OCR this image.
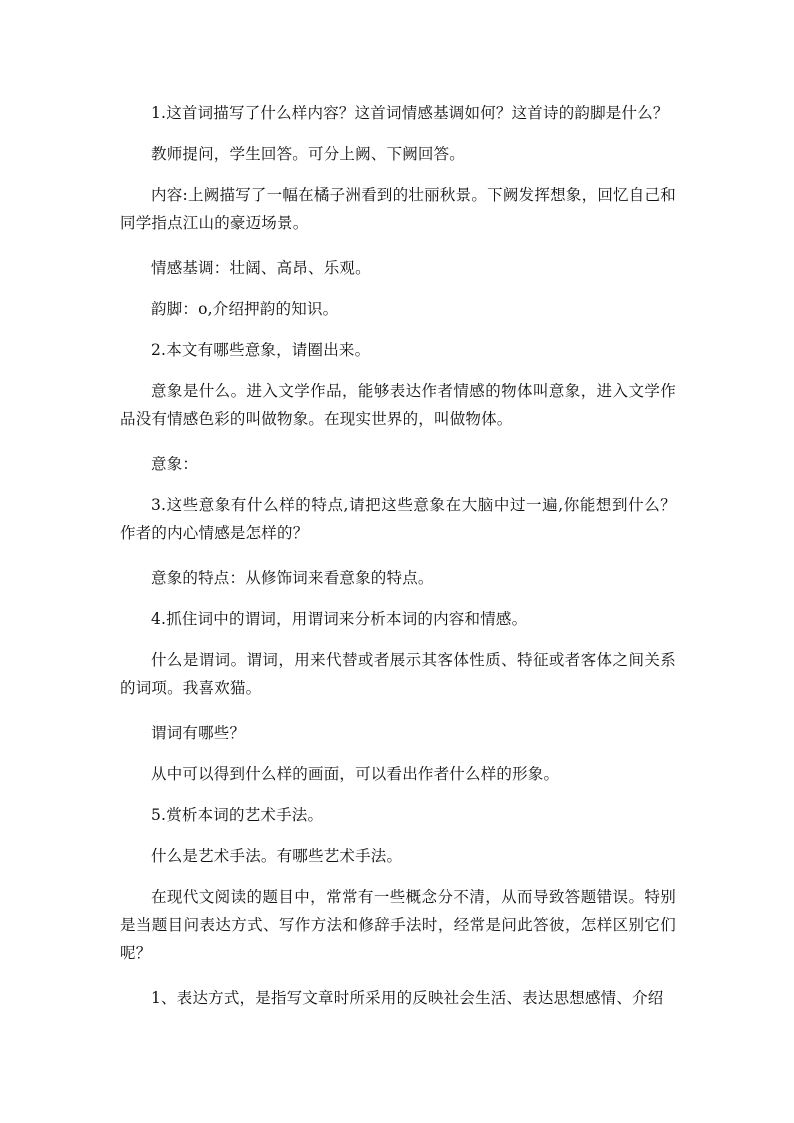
1.这首词描写了什么样内容？这首词情感基调如何？这首诗的韵脚是什么？

教师提问，学生回答。可分上阙、下阙回答。

内容:上阙描写了一幅在橘子洲看到的壮丽秋景。下阙发挥想象，回忆自己和同学指点江山的豪迈场景。

情感基调：壮阔、高昂、乐观。

韵脚：o,介绍押韵的知识。

2.本文有哪些意象，请圈出来。

意象是什么。进入文学作品，能够表达作者情感的物体叫意象，进入文学作品没有情感色彩的叫做物象。在现实世界的，叫做物体。

意象：

3.这些意象有什么样的特点,请把这些意象在大脑中过一遍,你能想到什么？作者的内心情感是怎样的？

意象的特点：从修饰词来看意象的特点。

4.抓住词中的谓词，用谓词来分析本词的内容和情感。

什么是谓词。谓词，用来代替或者展示其客体性质、特征或者客体之间关系的词项。我喜欢猫。

谓词有哪些？

从中可以得到什么样的画面，可以看出作者什么样的形象。

5.赏析本词的艺术手法。

什么是艺术手法。有哪些艺术手法。

在现代文阅读的题目中，常常有一些概念分不清，从而导致答题错误。特别是当题目问表达方式、写作方法和修辞手法时，经常是问此答彼，怎样区别它们呢？

1、表达方式，是指写文章时所采用的反映社会生活、表达思想感情、介绍
